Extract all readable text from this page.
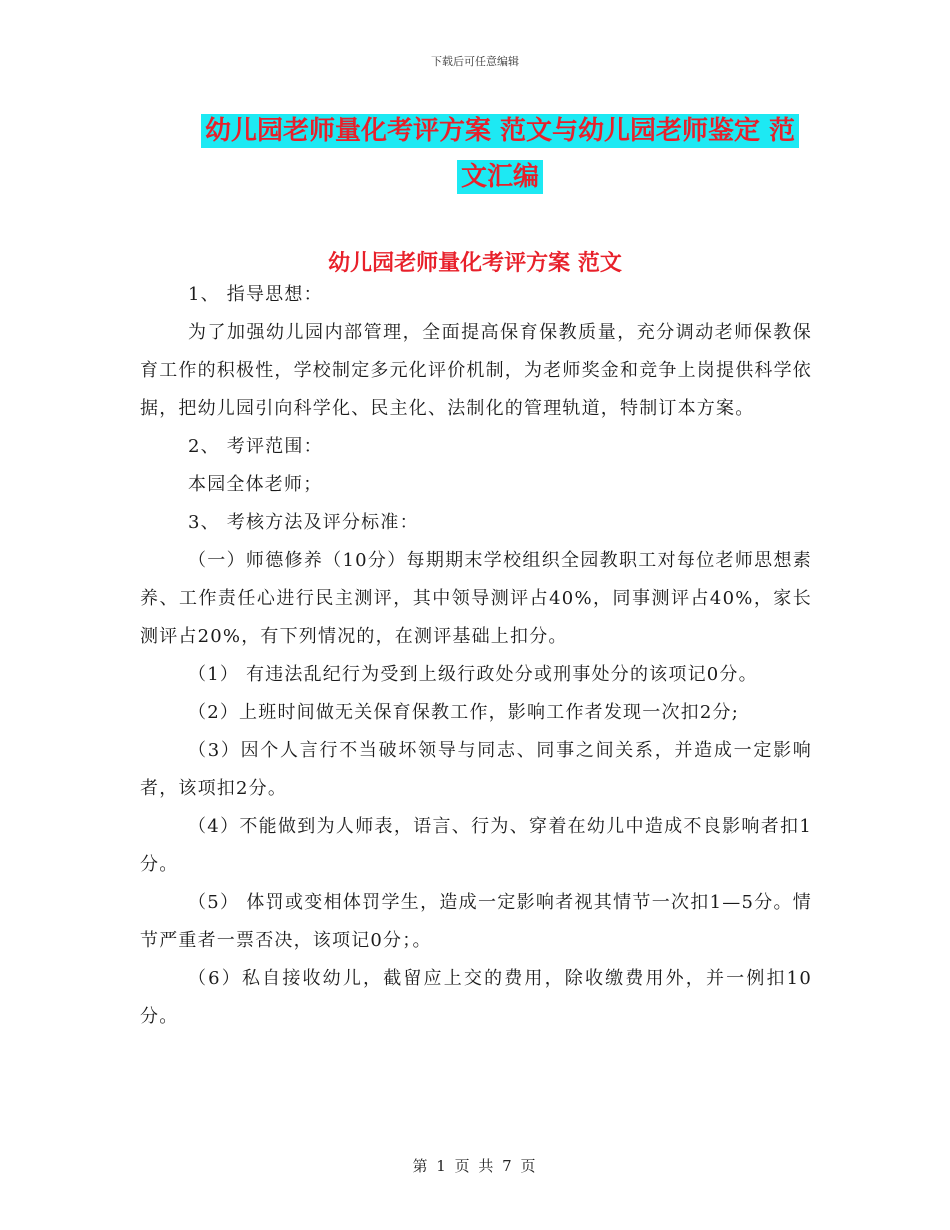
下载后可任意编辑
幼儿园老师量化考评方案 范文与幼儿园老师鉴定 范
文汇编
幼儿园老师量化考评方案 范文

1、 指导思想：

为了加强幼儿园内部管理，全面提高保育保教质量，充分调动老师保教保育工作的积极性，学校制定多元化评价机制，为老师奖金和竞争上岗提供科学依据，把幼儿园引向科学化、民主化、法制化的管理轨道，特制订本方案。

2、 考评范围：

本园全体老师；

3、 考核方法及评分标准：

（一）师德修养（10分）每期期末学校组织全园教职工对每位老师思想素养、工作责任心进行民主测评，其中领导测评占40%，同事测评占40%，家长测评占20%，有下列情况的，在测评基础上扣分。

（1） 有违法乱纪行为受到上级行政处分或刑事处分的该项记0分。

（2）上班时间做无关保育保教工作，影响工作者发现一次扣2分;

（3）因个人言行不当破坏领导与同志、同事之间关系，并造成一定影响者，该项扣2分。

（4）不能做到为人师表，语言、行为、穿着在幼儿中造成不良影响者扣1分。

（5） 体罚或变相体罚学生，造成一定影响者视其情节一次扣1—5分。情节严重者一票否决，该项记0分；。

（6）私自接收幼儿，截留应上交的费用，除收缴费用外，并一例扣10分。

第 1 页 共 7 页
